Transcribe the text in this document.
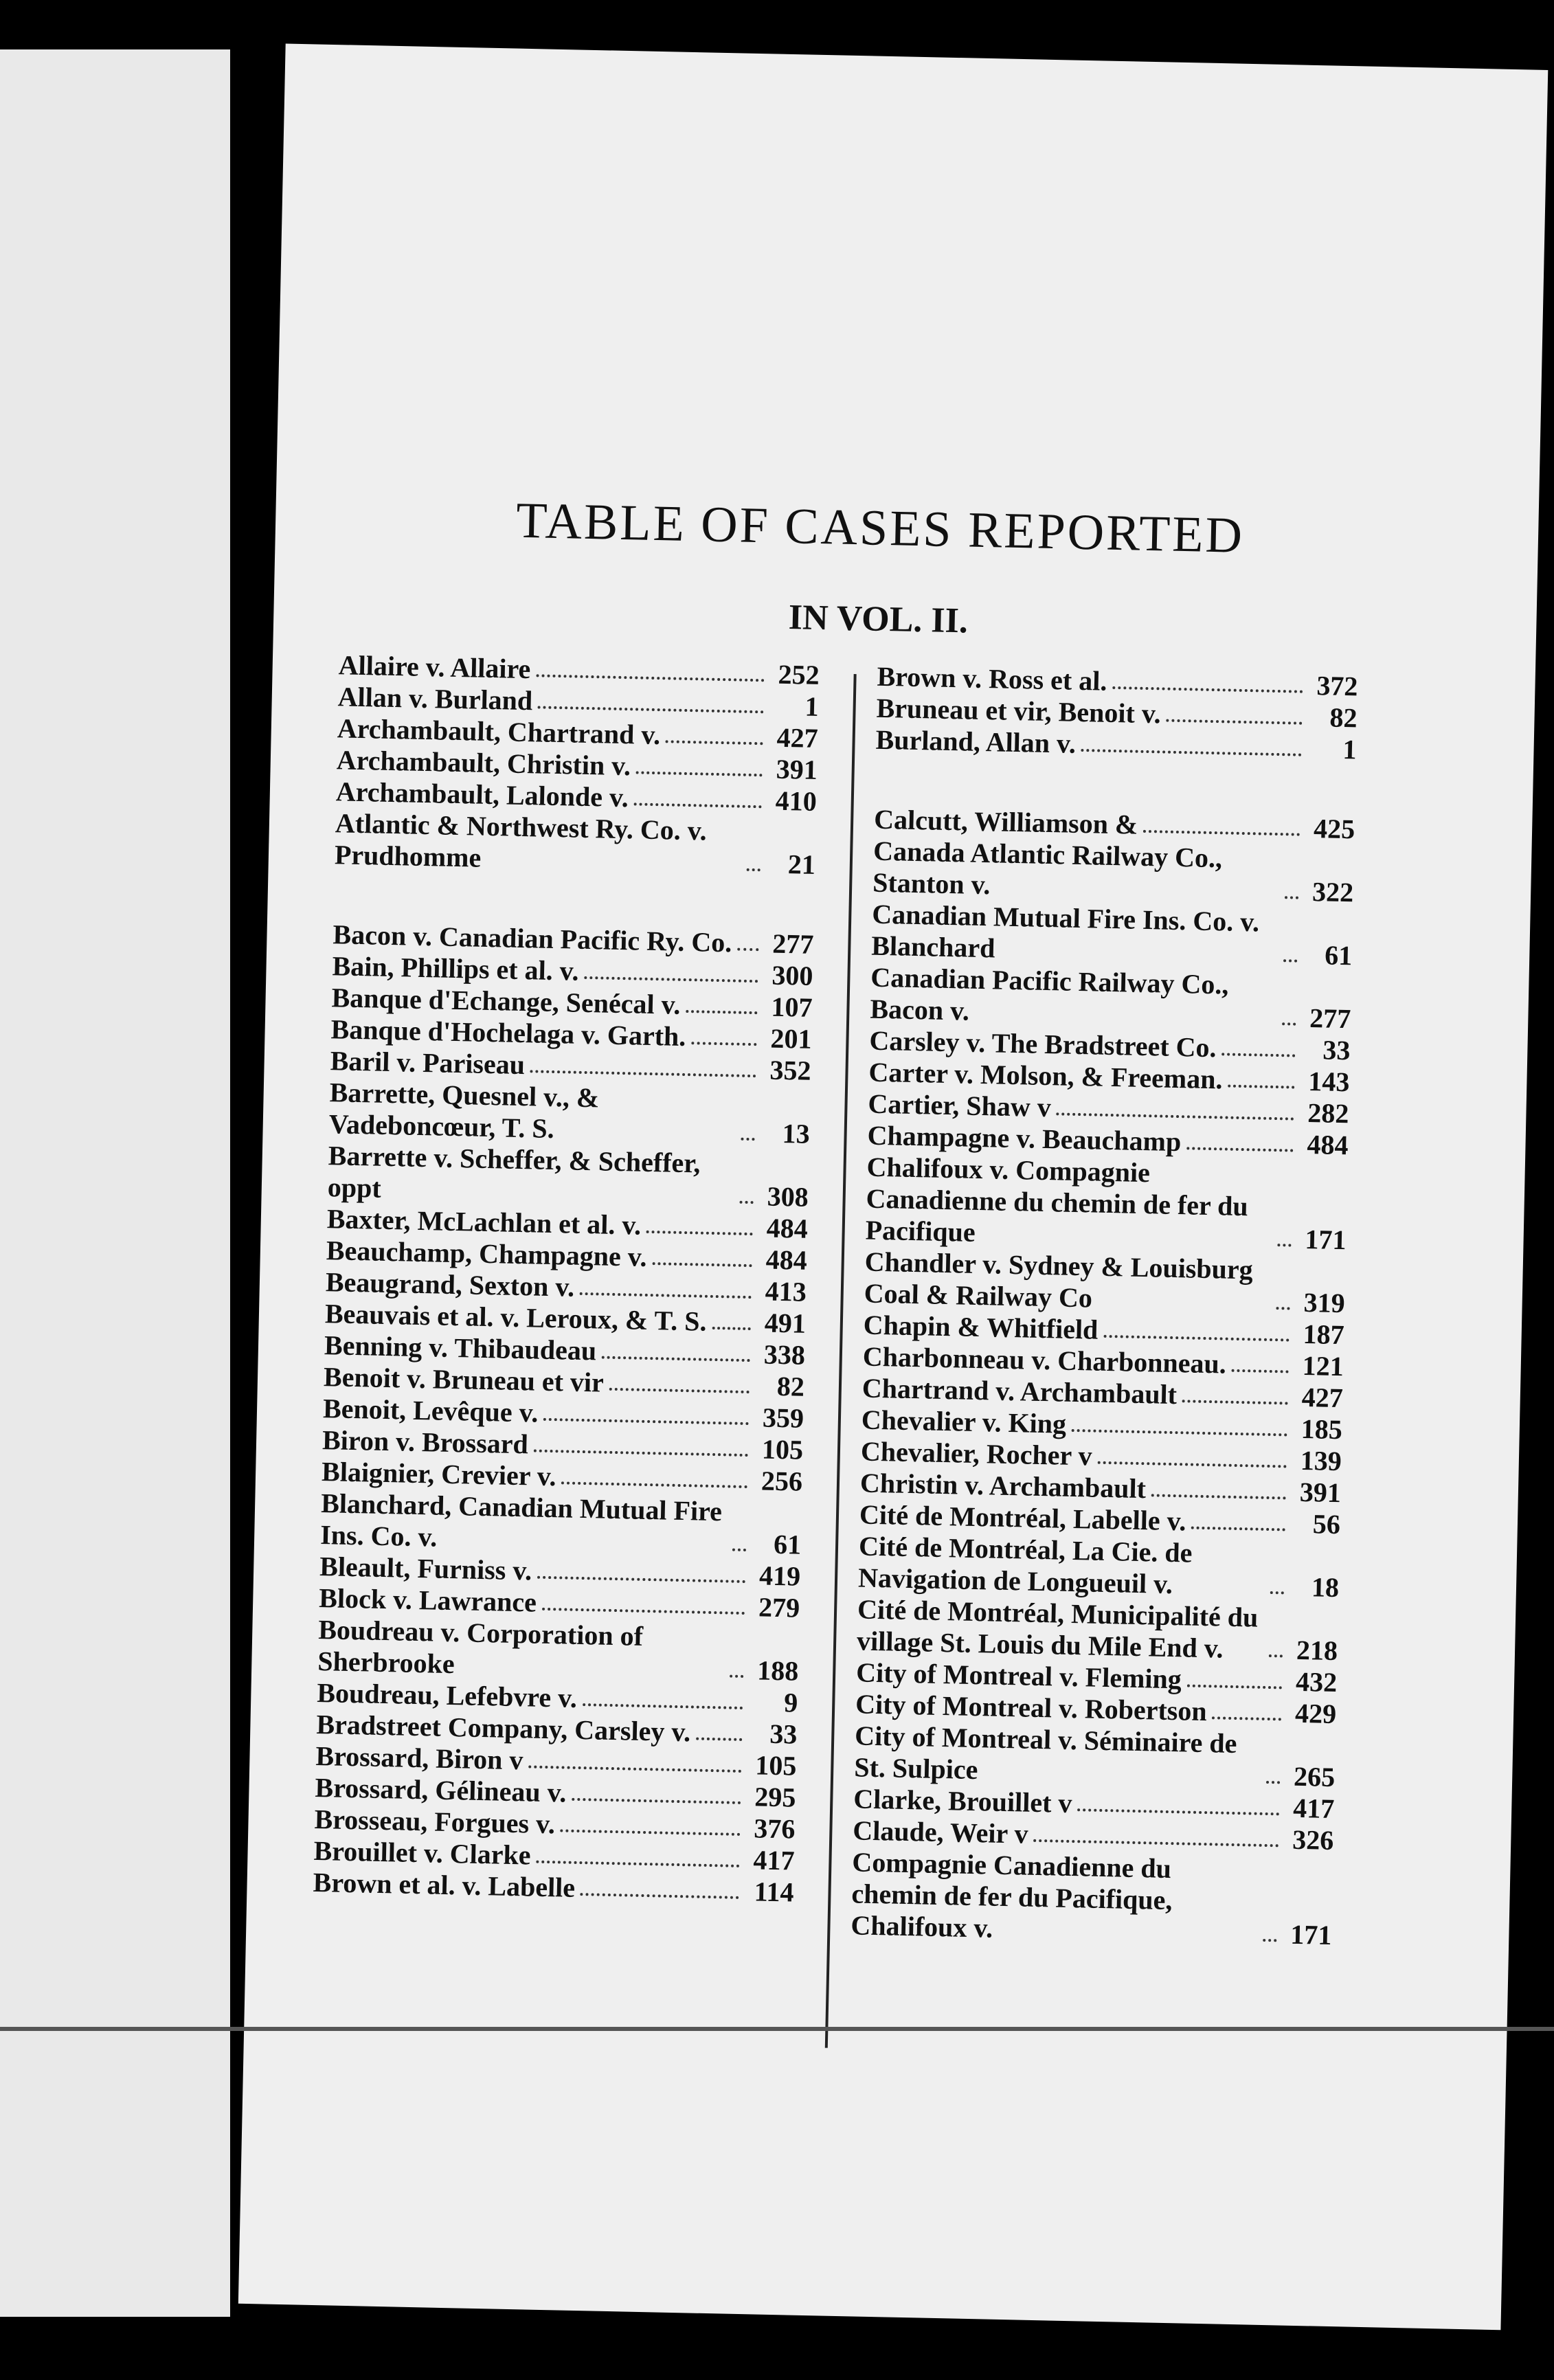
TABLE OF CASES REPORTED
IN VOL. II.
Allaire v. Allaire	252
Allan v. Burland	1
Archambault, Chartrand v.	427
Archambault, Christin v.	391
Archambault, Lalonde v.	410
Atlantic & Northwest Ry. Co. v. Prudhomme	21
Bacon v. Canadian Pacific Ry. Co.	277
Bain, Phillips et al. v.	300
Banque d'Echange, Senécal v.	107
Banque d'Hochelaga v. Garth.	201
Baril v. Pariseau	352
Barrette, Quesnel v., & Vadeboncœur, T. S.	13
Barrette v. Scheffer, & Scheffer, oppt	308
Baxter, McLachlan et al. v.	484
Beauchamp, Champagne v.	484
Beaugrand, Sexton v.	413
Beauvais et al. v. Leroux, & T. S.	491
Benning v. Thibaudeau	338
Benoit v. Bruneau et vir	82
Benoit, Levêque v.	359
Biron v. Brossard	105
Blaignier, Crevier v.	256
Blanchard, Canadian Mutual Fire Ins. Co. v.	61
Bleault, Furniss v.	419
Block v. Lawrance	279
Boudreau v. Corporation of Sherbrooke	188
Boudreau, Lefebvre v.	9
Bradstreet Company, Carsley v.	33
Brossard, Biron v	105
Brossard, Gélineau v.	295
Brosseau, Forgues v.	376
Brouillet v. Clarke	417
Brown et al. v. Labelle	114
Brown v. Ross et al.	372
Bruneau et vir, Benoit v.	82
Burland, Allan v.	1
Calcutt, Williamson &	425
Canada Atlantic Railway Co., Stanton v.	322
Canadian Mutual Fire Ins. Co. v. Blanchard	61
Canadian Pacific Railway Co., Bacon v.	277
Carsley v. The Bradstreet Co.	33
Carter v. Molson, & Freeman.	143
Cartier, Shaw v	282
Champagne v. Beauchamp	484
Chalifoux v. Compagnie Canadienne du chemin de fer du Pacifique	171
Chandler v. Sydney & Louisburg Coal & Railway Co	319
Chapin & Whitfield	187
Charbonneau v. Charbonneau.	121
Chartrand v. Archambault	427
Chevalier v. King	185
Chevalier, Rocher v	139
Christin v. Archambault	391
Cité de Montréal, Labelle v.	56
Cité de Montréal, La Cie. de Navigation de Longueuil v.	18
Cité de Montréal, Municipalité du village St. Louis du Mile End v.	218
City of Montreal v. Fleming	432
City of Montreal v. Robertson	429
City of Montreal v. Séminaire de St. Sulpice	265
Clarke, Brouillet v	417
Claude, Weir v	326
Compagnie Canadienne du chemin de fer du Pacifique, Chalifoux v.	171
